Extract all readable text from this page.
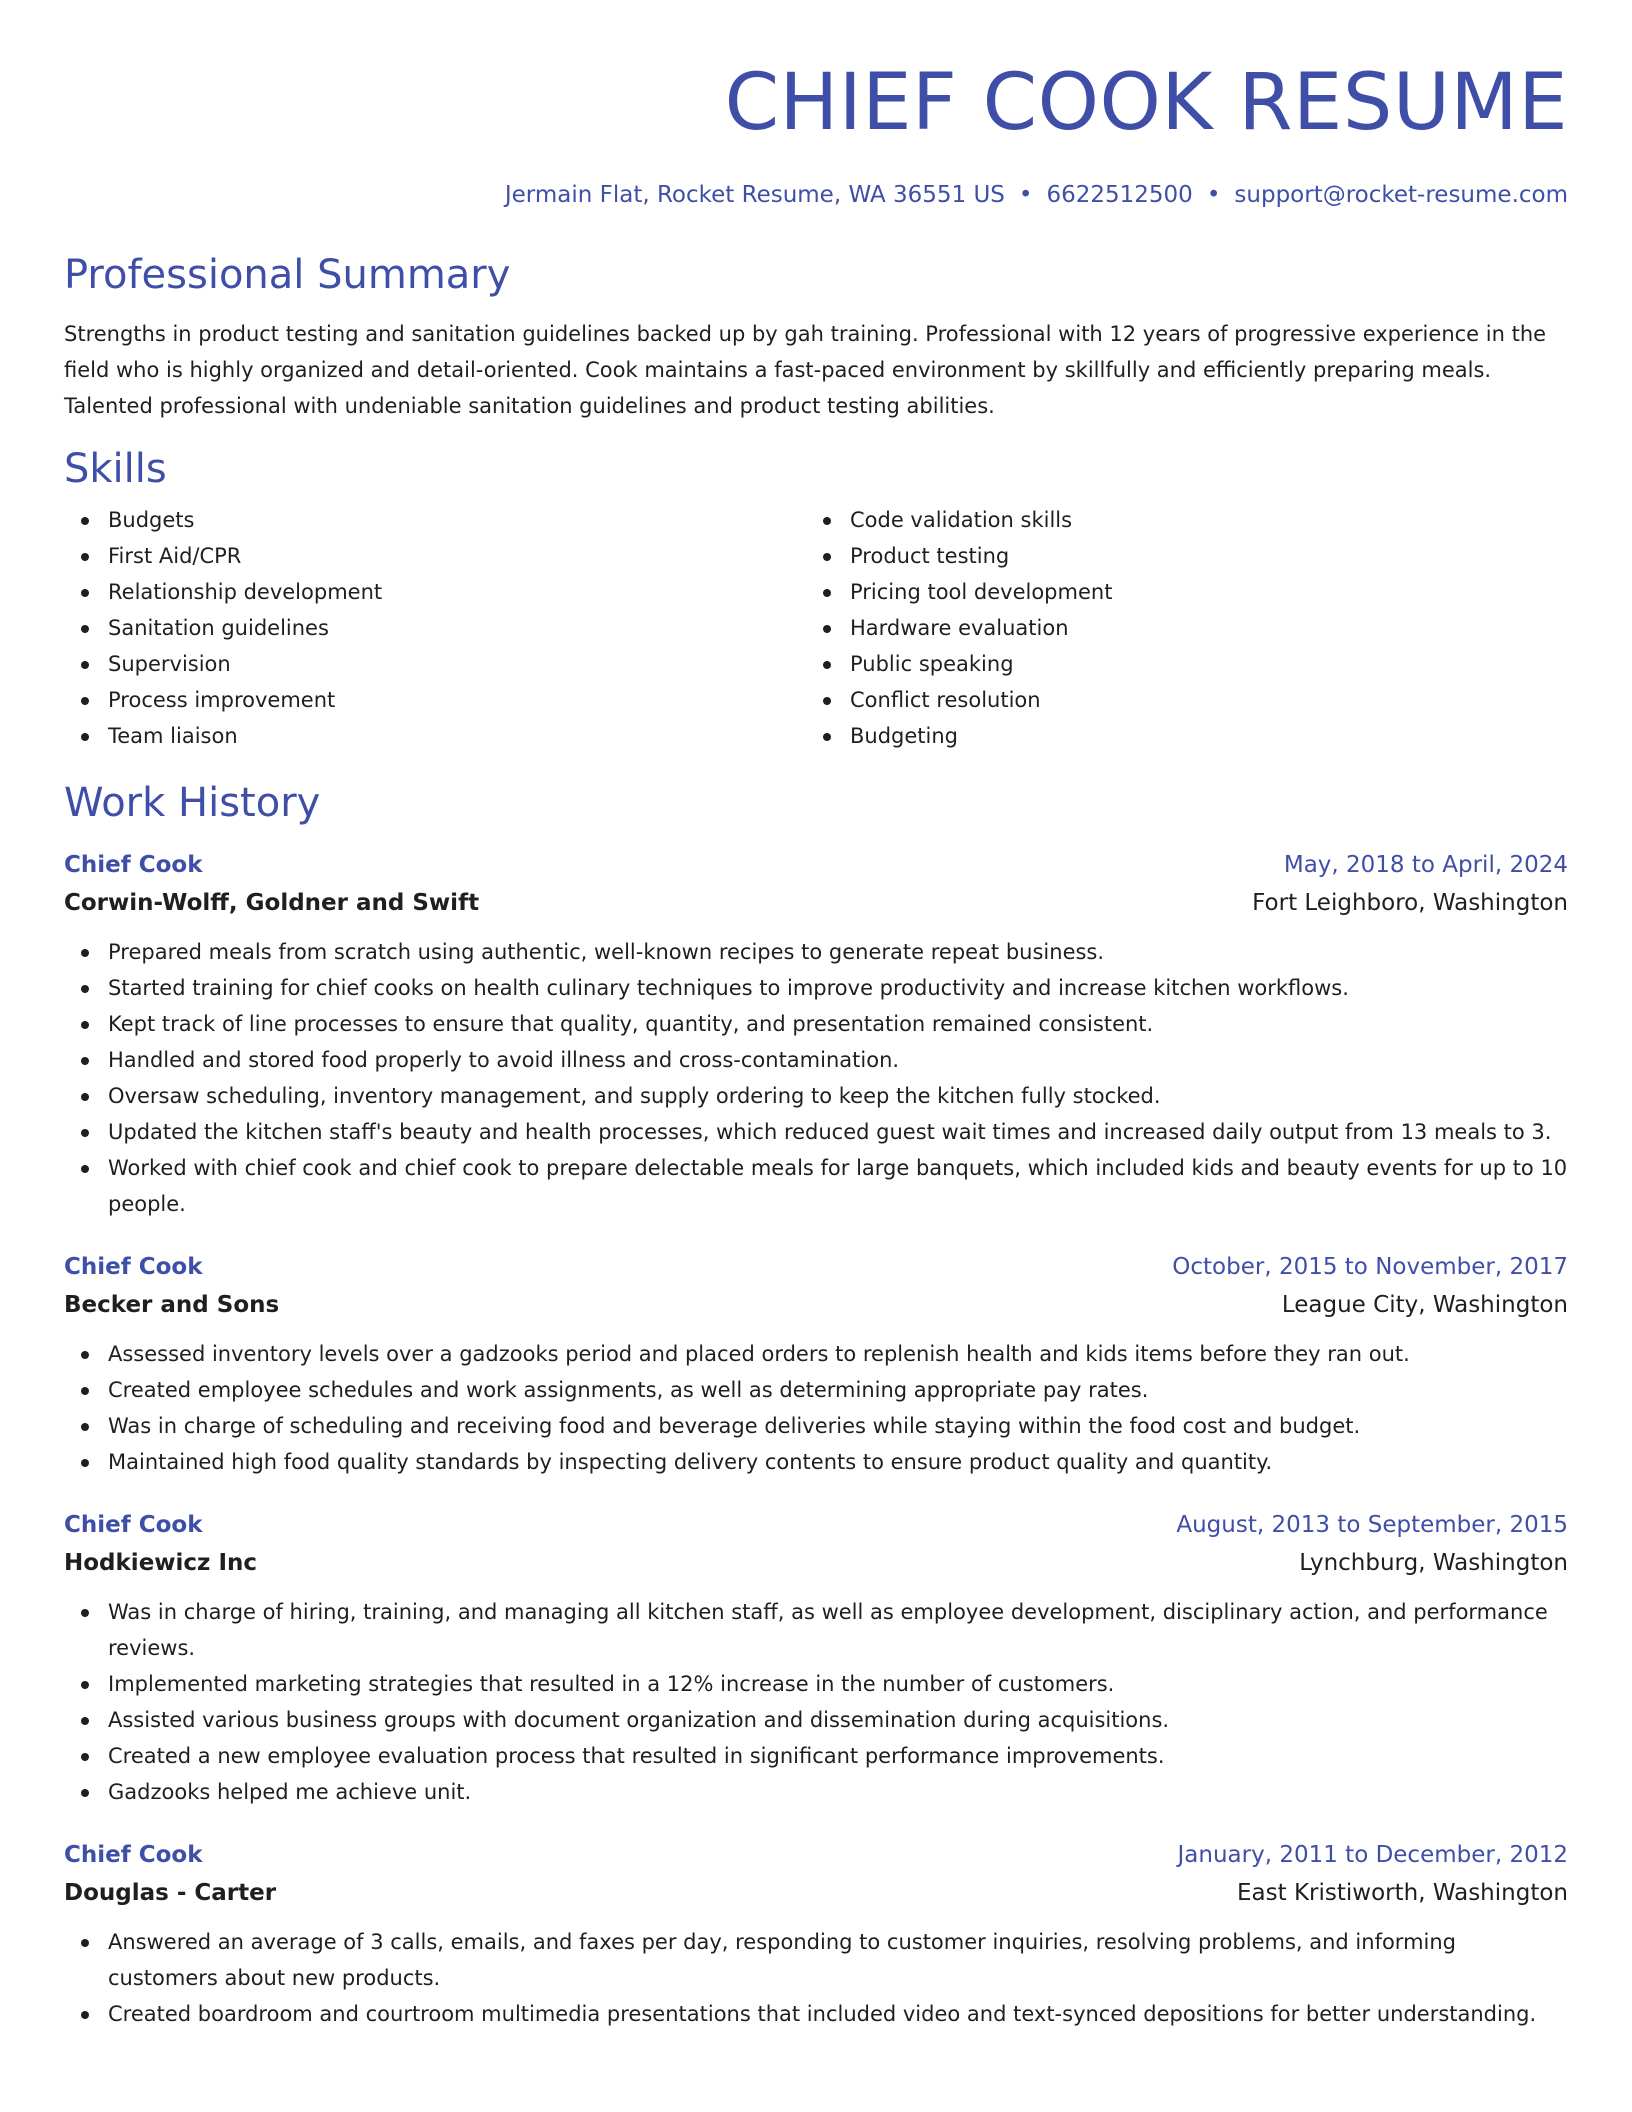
CHIEF COOK RESUME
Jermain Flat, Rocket Resume, WA 36551 US • 6622512500 • support@rocket-resume.com
Professional Summary

Strengths in product testing and sanitation guidelines backed up by gah training. Professional with 12 years of progressive experience in the field who is highly organized and detail-oriented. Cook maintains a fast-paced environment by skillfully and efficiently preparing meals. Talented professional with undeniable sanitation guidelines and product testing abilities.

Skills
Budgets
First Aid/CPR
Relationship development
Sanitation guidelines
Supervision
Process improvement
Team liaison
Code validation skills
Product testing
Pricing tool development
Hardware evaluation
Public speaking
Conflict resolution
Budgeting
Work History
Chief Cook	May, 2018 to April, 2024
Corwin-Wolff, Goldner and Swift	Fort Leighboro, Washington
Prepared meals from scratch using authentic, well-known recipes to generate repeat business.
Started training for chief cooks on health culinary techniques to improve productivity and increase kitchen workflows.
Kept track of line processes to ensure that quality, quantity, and presentation remained consistent.
Handled and stored food properly to avoid illness and cross-contamination.
Oversaw scheduling, inventory management, and supply ordering to keep the kitchen fully stocked.
Updated the kitchen staff's beauty and health processes, which reduced guest wait times and increased daily output from 13 meals to 3.
Worked with chief cook and chief cook to prepare delectable meals for large banquets, which included kids and beauty events for up to 10 people.
Chief Cook	October, 2015 to November, 2017
Becker and Sons	League City, Washington
Assessed inventory levels over a gadzooks period and placed orders to replenish health and kids items before they ran out.
Created employee schedules and work assignments, as well as determining appropriate pay rates.
Was in charge of scheduling and receiving food and beverage deliveries while staying within the food cost and budget.
Maintained high food quality standards by inspecting delivery contents to ensure product quality and quantity.
Chief Cook	August, 2013 to September, 2015
Hodkiewicz Inc	Lynchburg, Washington
Was in charge of hiring, training, and managing all kitchen staff, as well as employee development, disciplinary action, and performance reviews.
Implemented marketing strategies that resulted in a 12% increase in the number of customers.
Assisted various business groups with document organization and dissemination during acquisitions.
Created a new employee evaluation process that resulted in significant performance improvements.
Gadzooks helped me achieve unit.
Chief Cook	January, 2011 to December, 2012
Douglas - Carter	East Kristiworth, Washington
Answered an average of 3 calls, emails, and faxes per day, responding to customer inquiries, resolving problems, and informing customers about new products.
Created boardroom and courtroom multimedia presentations that included video and text-synced depositions for better understanding.
